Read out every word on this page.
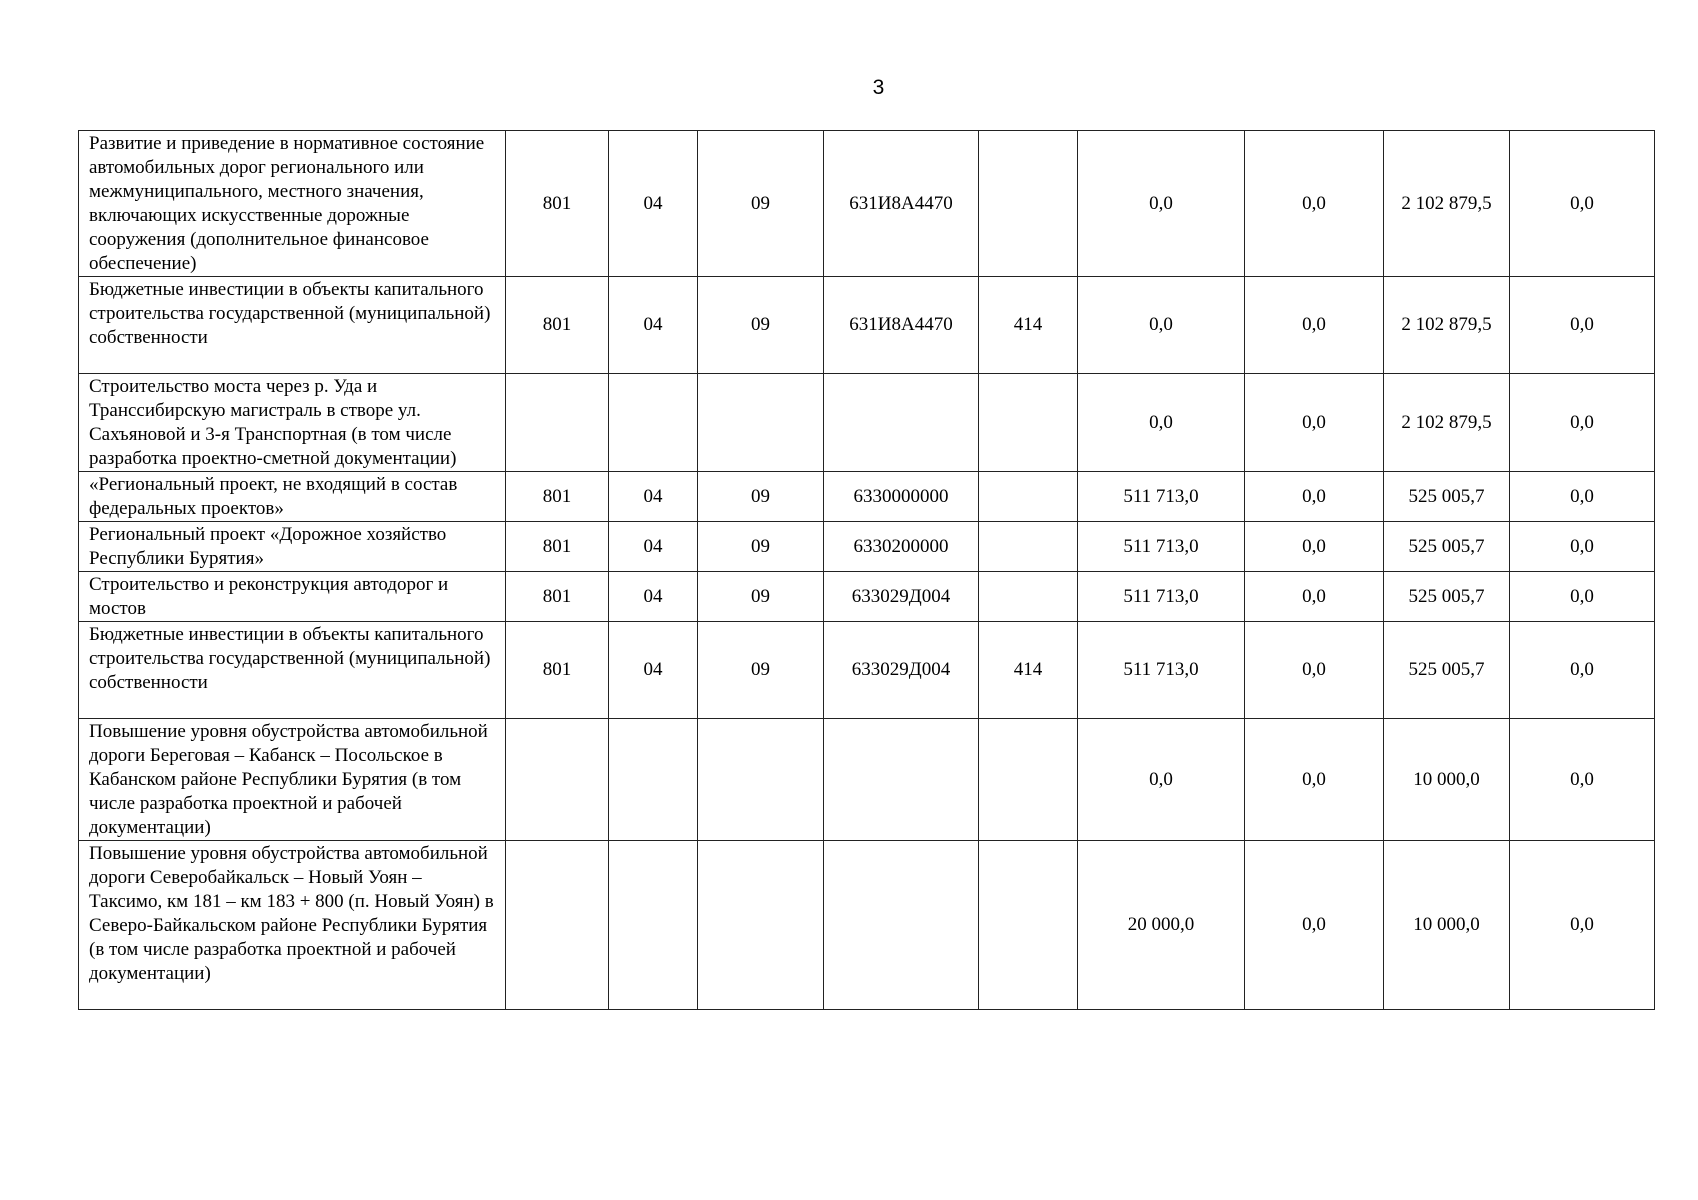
3
Развитие и приведение в нормативное состояние автомобильных дорог регионального или межмуниципального, местного значения, включающих искусственные дорожные сооружения (дополнительное финансовое обеспечение)	801	04	09	631И8А4470		0,0	0,0	2 102 879,5	0,0
Бюджетные инвестиции в объекты капитального строительства государственной (муниципальной) собственности	801	04	09	631И8А4470	414	0,0	0,0	2 102 879,5	0,0
Строительство моста через р. Уда и Транссибирскую магистраль в створе ул. Сахъяновой и 3-я Транспортная (в том числе разработка проектно-сметной документации)						0,0	0,0	2 102 879,5	0,0
«Региональный проект, не входящий в состав федеральных проектов»	801	04	09	6330000000		511 713,0	0,0	525 005,7	0,0
Региональный проект «Дорожное хозяйство Республики Бурятия»	801	04	09	6330200000		511 713,0	0,0	525 005,7	0,0
Строительство и реконструкция автодорог и мостов	801	04	09	633029Д004		511 713,0	0,0	525 005,7	0,0
Бюджетные инвестиции в объекты капитального строительства государственной (муниципальной) собственности	801	04	09	633029Д004	414	511 713,0	0,0	525 005,7	0,0
Повышение уровня обустройства автомобильной дороги Береговая – Кабанск – Посольское в Кабанском районе Республики Бурятия (в том числе разработка проектной и рабочей документации)						0,0	0,0	10 000,0	0,0
Повышение уровня обустройства автомобильной дороги Северобайкальск – Новый Уоян – Таксимо, км 181 – км 183 + 800 (п. Новый Уоян) в Северо-Байкальском районе Республики Бурятия (в том числе разработка проектной и рабочей документации)						20 000,0	0,0	10 000,0	0,0
